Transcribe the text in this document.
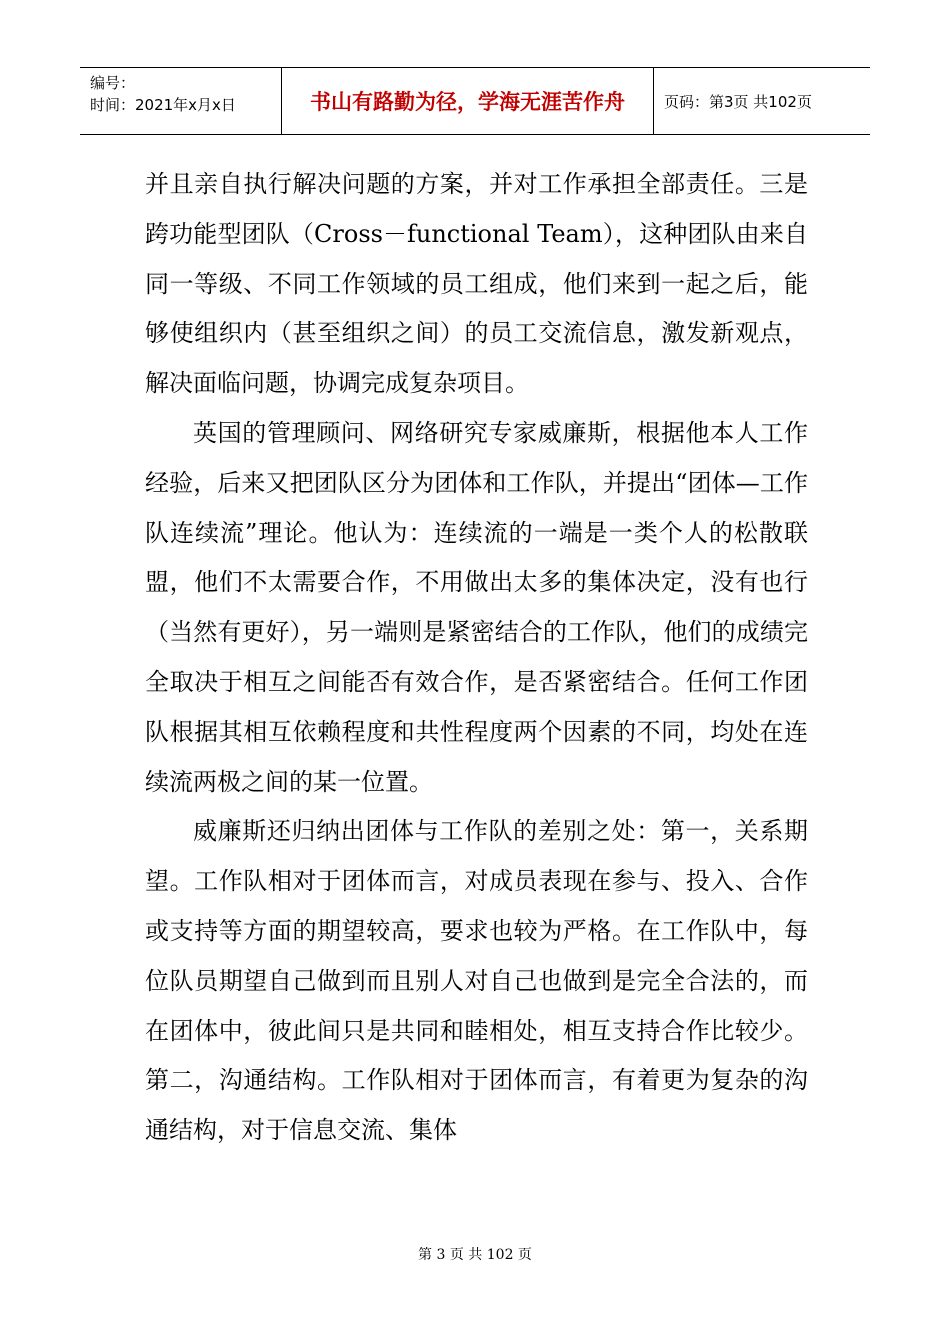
编号：
时间：2021年x月x日	书山有路勤为径，学海无涯苦作舟	页码：第3页 共102页

并且亲自执行解决问题的方案，并对工作承担全部责任。三是跨功能型团队（Cross－functional Team），这种团队由来自同一等级、不同工作领域的员工组成，他们来到一起之后，能够使组织内（甚至组织之间）的员工交流信息，激发新观点，解决面临问题，协调完成复杂项目。

英国的管理顾问、网络研究专家威廉斯，根据他本人工作经验，后来又把团队区分为团体和工作队，并提出“团体—工作队连续流”理论。他认为：连续流的一端是一类个人的松散联盟，他们不太需要合作，不用做出太多的集体决定，没有也行（当然有更好），另一端则是紧密结合的工作队，他们的成绩完全取决于相互之间能否有效合作，是否紧密结合。任何工作团队根据其相互依赖程度和共性程度两个因素的不同，均处在连续流两极之间的某一位置。

威廉斯还归纳出团体与工作队的差别之处：第一，关系期望。工作队相对于团体而言，对成员表现在参与、投入、合作或支持等方面的期望较高，要求也较为严格。在工作队中，每位队员期望自己做到而且别人对自己也做到是完全合法的，而在团体中，彼此间只是共同和睦相处，相互支持合作比较少。第二，沟通结构。工作队相对于团体而言，有着更为复杂的沟通结构，对于信息交流、集体

第 3 页 共 102 页
